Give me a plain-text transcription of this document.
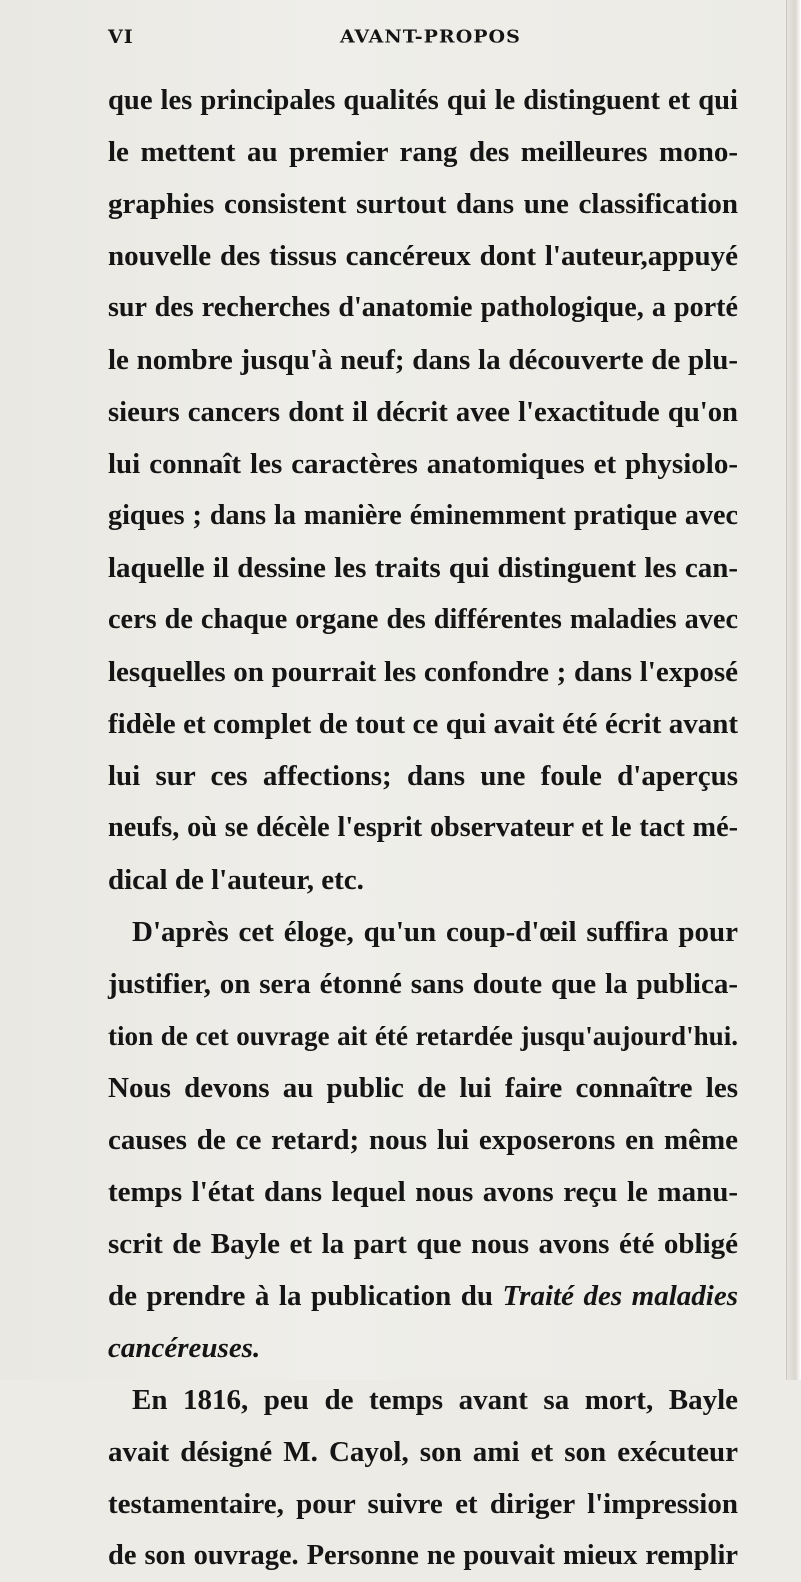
VI	AVANT-PROPOS
que les principales qualités qui le distinguent et qui
le mettent au premier rang des meilleures mono-
graphies consistent surtout dans une classification
nouvelle des tissus cancéreux dont l'auteur,appuyé
sur des recherches d'anatomie pathologique, a porté
le nombre jusqu'à neuf; dans la découverte de plu-
sieurs cancers dont il décrit avee l'exactitude qu'on
lui connaît les caractères anatomiques et physiolo-
giques ; dans la manière éminemment pratique avec
laquelle il dessine les traits qui distinguent les can-
cers de chaque organe des différentes maladies avec
lesquelles on pourrait les confondre ; dans l'exposé
fidèle et complet de tout ce qui avait été écrit avant
lui sur ces affections; dans une foule d'aperçus
neufs, où se décèle l'esprit observateur et le tact mé-
dical de l'auteur, etc.
D'après cet éloge, qu'un coup-d'œil suffira pour
justifier, on sera étonné sans doute que la publica-
tion de cet ouvrage ait été retardée jusqu'aujourd'hui.
Nous devons au public de lui faire connaître les
causes de ce retard; nous lui exposerons en même
temps l'état dans lequel nous avons reçu le manu-
scrit de Bayle et la part que nous avons été obligé
de prendre à la publication du Traité des maladies
cancéreuses.
En 1816, peu de temps avant sa mort, Bayle
avait désigné M. Cayol, son ami et son exécuteur
testamentaire, pour suivre et diriger l'impression
de son ouvrage. Personne ne pouvait mieux remplir
